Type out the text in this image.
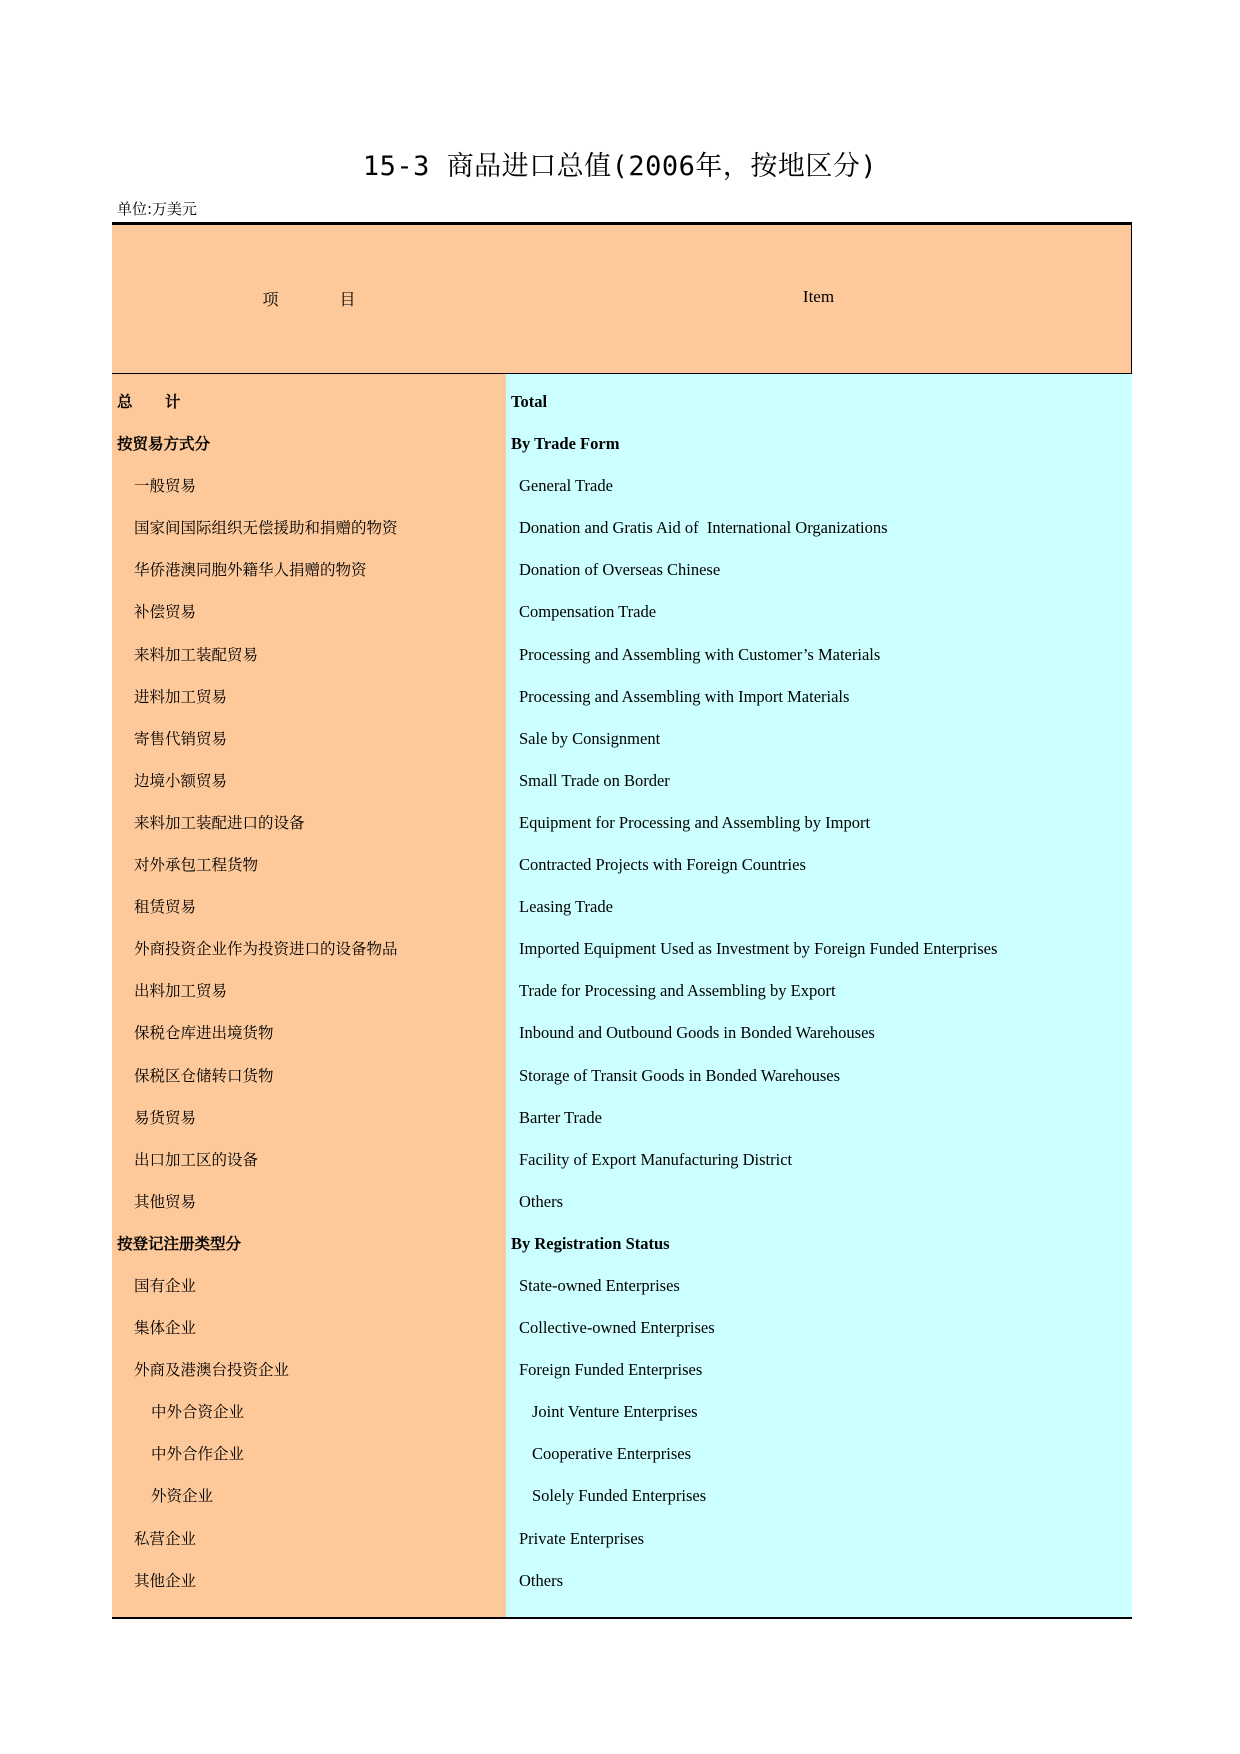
15-3 商品进口总值(2006年，按地区分)
单位:万美元
项            目	Item
总      计	Total
按贸易方式分	By Trade Form
一般贸易	General Trade
国家间国际组织无偿援助和捐赠的物资	Donation and Gratis Aid of  International Organizations
华侨港澳同胞外籍华人捐赠的物资	Donation of Overseas Chinese
补偿贸易	Compensation Trade
来料加工装配贸易	Processing and Assembling with Customer’s Materials
进料加工贸易	Processing and Assembling with Import Materials
寄售代销贸易	Sale by Consignment
边境小额贸易	Small Trade on Border
来料加工装配进口的设备	Equipment for Processing and Assembling by Import
对外承包工程货物	Contracted Projects with Foreign Countries
租赁贸易	Leasing Trade
外商投资企业作为投资进口的设备物品	Imported Equipment Used as Investment by Foreign Funded Enterprises
出料加工贸易	Trade for Processing and Assembling by Export
保税仓库进出境货物	Inbound and Outbound Goods in Bonded Warehouses
保税区仓储转口货物	Storage of Transit Goods in Bonded Warehouses
易货贸易	Barter Trade
出口加工区的设备	Facility of Export Manufacturing District
其他贸易	Others
按登记注册类型分	By Registration Status
国有企业	State-owned Enterprises
集体企业	Collective-owned Enterprises
外商及港澳台投资企业	Foreign Funded Enterprises
中外合资企业	Joint Venture Enterprises
中外合作企业	Cooperative Enterprises
外资企业	Solely Funded Enterprises
私营企业	Private Enterprises
其他企业	Others
